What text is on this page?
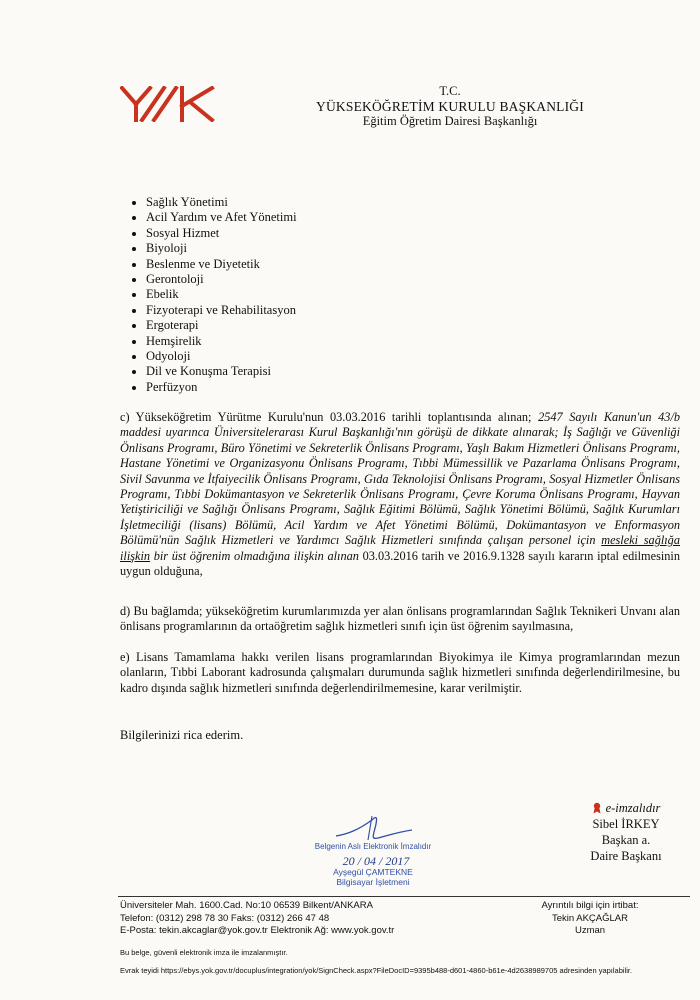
T.C.
YÜKSEKÖĞRETİM KURULU BAŞKANLIĞI
Eğitim Öğretim Dairesi Başkanlığı
Sağlık Yönetimi
Acil Yardım ve Afet Yönetimi
Sosyal Hizmet
Biyoloji
Beslenme ve Diyetetik
Gerontoloji
Ebelik
Fizyoterapi ve Rehabilitasyon
Ergoterapi
Hemşirelik
Odyoloji
Dil ve Konuşma Terapisi
Perfüzyon
c) Yükseköğretim Yürütme Kurulu'nun 03.03.2016 tarihli toplantısında alınan; 2547 Sayılı Kanun'un 43/b maddesi uyarınca Üniversitelerarası Kurul Başkanlığı'nın görüşü de dikkate alınarak; İş Sağlığı ve Güvenliği Önlisans Programı, Büro Yönetimi ve Sekreterlik Önlisans Programı, Yaşlı Bakım Hizmetleri Önlisans Programı, Hastane Yönetimi ve Organizasyonu Önlisans Programı, Tıbbi Mümessillik ve Pazarlama Önlisans Programı, Sivil Savunma ve İtfaiyecilik Önlisans Programı, Gıda Teknolojisi Önlisans Programı, Sosyal Hizmetler Önlisans Programı, Tıbbi Dokümantasyon ve Sekreterlik Önlisans Programı, Çevre Koruma Önlisans Programı, Hayvan Yetiştiriciliği ve Sağlığı Önlisans Programı, Sağlık Eğitimi Bölümü, Sağlık Yönetimi Bölümü, Sağlık Kurumları İşletmeciliği (lisans) Bölümü, Acil Yardım ve Afet Yönetimi Bölümü, Dokümantasyon ve Enformasyon Bölümü'nün Sağlık Hizmetleri ve Yardımcı Sağlık Hizmetleri sınıfında çalışan personel için mesleki sağlığa ilişkin bir üst öğrenim olmadığına ilişkin alınan 03.03.2016 tarih ve 2016.9.1328 sayılı kararın iptal edilmesinin uygun olduğuna,
d) Bu bağlamda; yükseköğretim kurumlarımızda yer alan önlisans programlarından Sağlık Teknikeri Unvanı alan önlisans programlarının da ortaöğretim sağlık hizmetleri sınıfı için üst öğrenim sayılmasına,
e) Lisans Tamamlama hakkı verilen lisans programlarından Biyokimya ile Kimya programlarından mezun olanların, Tıbbi Laborant kadrosunda çalışmaları durumunda sağlık hizmetleri sınıfında değerlendirilmesine, bu kadro dışında sağlık hizmetleri sınıfında değerlendirilmemesine, karar verilmiştir.
Bilgilerinizi rica ederim.
e-imzalıdır
Sibel İRKEY
Başkan a.
Daire Başkanı
Belgenin Aslı Elektronik İmzalıdır
20 / 04 / 2017
Ayşegül ÇAMTEKNE
Bilgisayar İşletmeni
Üniversiteler Mah. 1600.Cad. No:10 06539 Bilkent/ANKARA
Telefon: (0312) 298 78 30 Faks: (0312) 266 47 48
E-Posta: tekin.akcaglar@yok.gov.tr Elektronik Ağ: www.yok.gov.tr
Ayrıntılı bilgi için irtibat:
Tekin AKÇAĞLAR
Uzman
Bu belge, güvenli elektronik imza ile imzalanmıştır.
Evrak teyidi https://ebys.yok.gov.tr/docuplus/integration/yok/SignCheck.aspx?FileDocID=9395b488-d601-4860-b61e-4d2638989705 adresinden yapılabilir.
